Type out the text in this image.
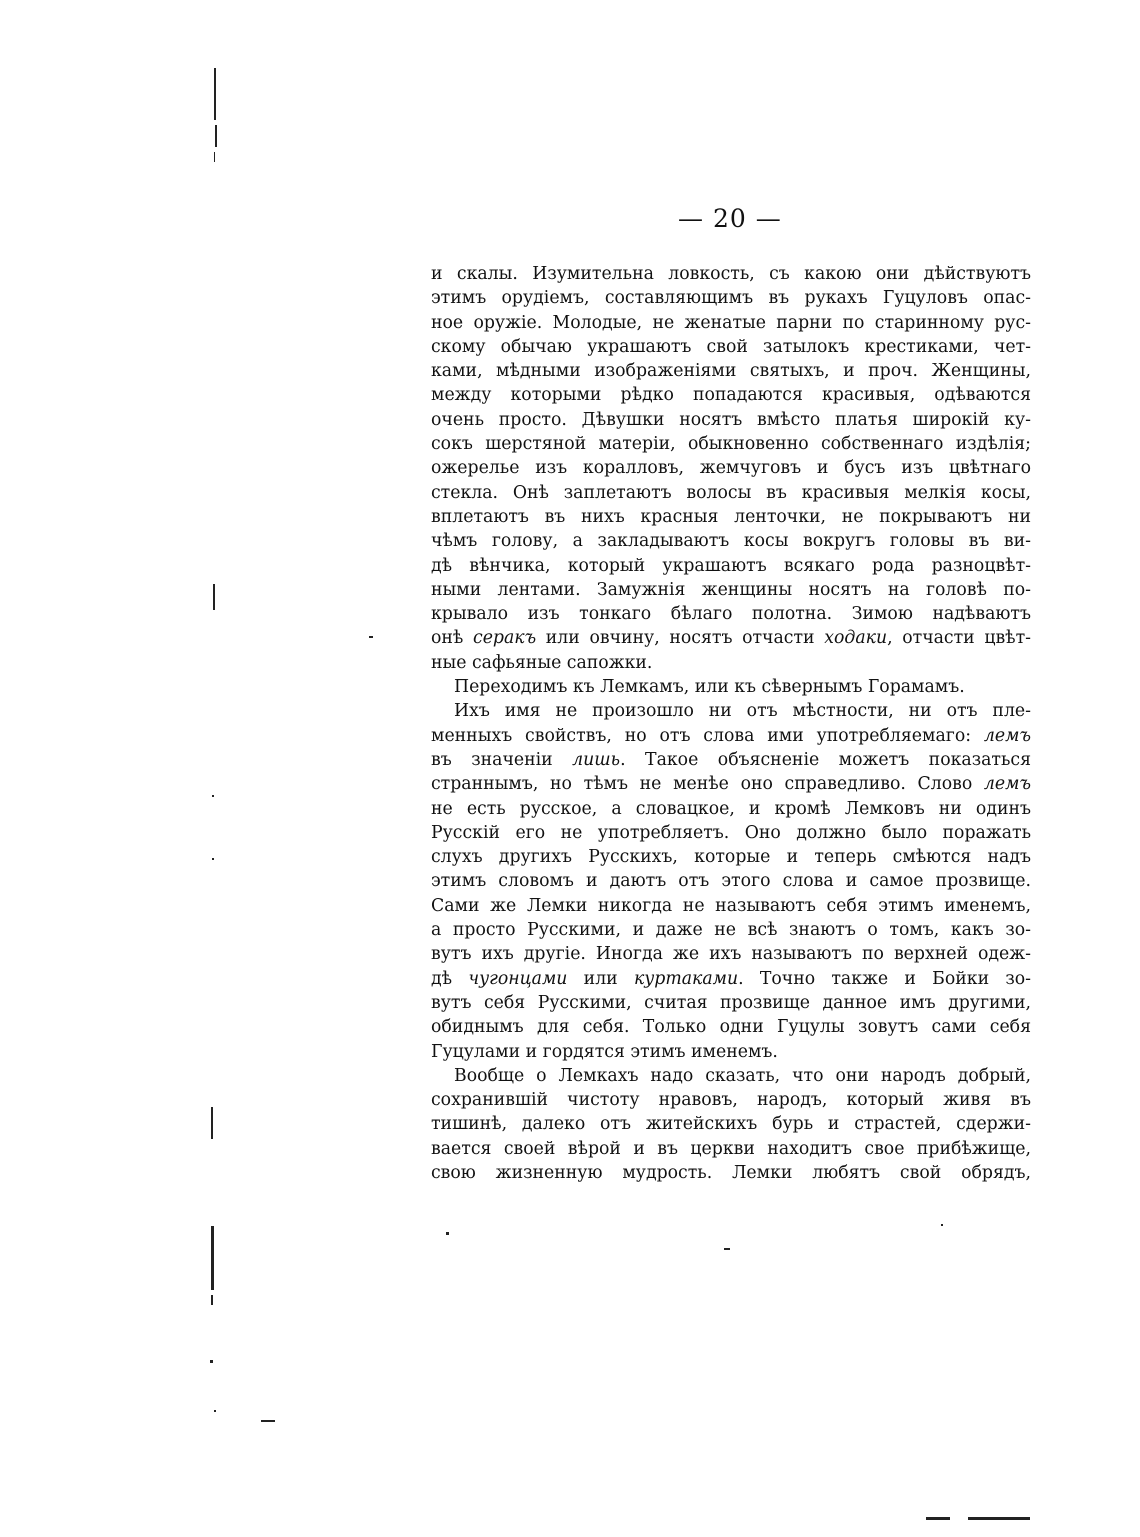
— 20 —
и скалы. Изумительна ловкость, съ какою они дѣйствуютъ
этимъ орудіемъ, составляющимъ въ рукахъ Гуцуловъ опас-
ное оружіе. Молодые, не женатые парни по старинному рус-
скому обычаю украшаютъ свой затылокъ крестиками, чет-
ками, мѣдными изображеніями святыхъ, и проч. Женщины,
между которыми рѣдко попадаются красивыя, одѣваются
очень просто. Дѣвушки носятъ вмѣсто платья широкій ку-
сокъ шерстяной матеріи, обыкновенно собственнаго издѣлія;
ожерелье изъ коралловъ, жемчуговъ и бусъ изъ цвѣтнаго
стекла. Онѣ заплетаютъ волосы въ красивыя мелкія косы,
вплетаютъ въ нихъ красныя ленточки, не покрываютъ ни
чѣмъ голову, а закладываютъ косы вокругъ головы въ ви-
дѣ вѣнчика, который украшаютъ всякаго рода разноцвѣт-
ными лентами. Замужнія женщины носятъ на головѣ по-
крывало изъ тонкаго бѣлаго полотна. Зимою надѣваютъ
онѣ серакъ или овчину, носятъ отчасти ходаки, отчасти цвѣт-
ные сафьяные сапожки.
Переходимъ къ Лемкамъ, или къ сѣвернымъ Горамамъ.
Ихъ имя не произошло ни отъ мѣстности, ни отъ пле-
менныхъ свойствъ, но отъ слова ими употребляемаго: лемъ
въ значеніи лишь. Такое объясненіе можетъ показаться
страннымъ, но тѣмъ не менѣе оно справедливо. Слово лемъ
не есть русское, а словацкое, и кромѣ Лемковъ ни одинъ
Русскій его не употребляетъ. Оно должно было поражать
слухъ другихъ Русскихъ, которые и теперь смѣются надъ
этимъ словомъ и даютъ отъ этого слова и самое прозвище.
Сами же Лемки никогда не называютъ себя этимъ именемъ,
а просто Русскими, и даже не всѣ знаютъ о томъ, какъ зо-
вутъ ихъ другіе. Иногда же ихъ называютъ по верхней одеж-
дѣ чугонцами или куртаками. Точно также и Бойки зо-
вутъ себя Русскими, считая прозвище данное имъ другими,
обиднымъ для себя. Только одни Гуцулы зовутъ сами себя
Гуцулами и гордятся этимъ именемъ.
Вообще о Лемкахъ надо сказать, что они народъ добрый,
сохранившій чистоту нравовъ, народъ, который живя въ
тишинѣ, далеко отъ житейскихъ бурь и страстей, сдержи-
вается своей вѣрой и въ церкви находитъ свое прибѣжище,
свою жизненную мудрость. Лемки любятъ свой обрядъ,
